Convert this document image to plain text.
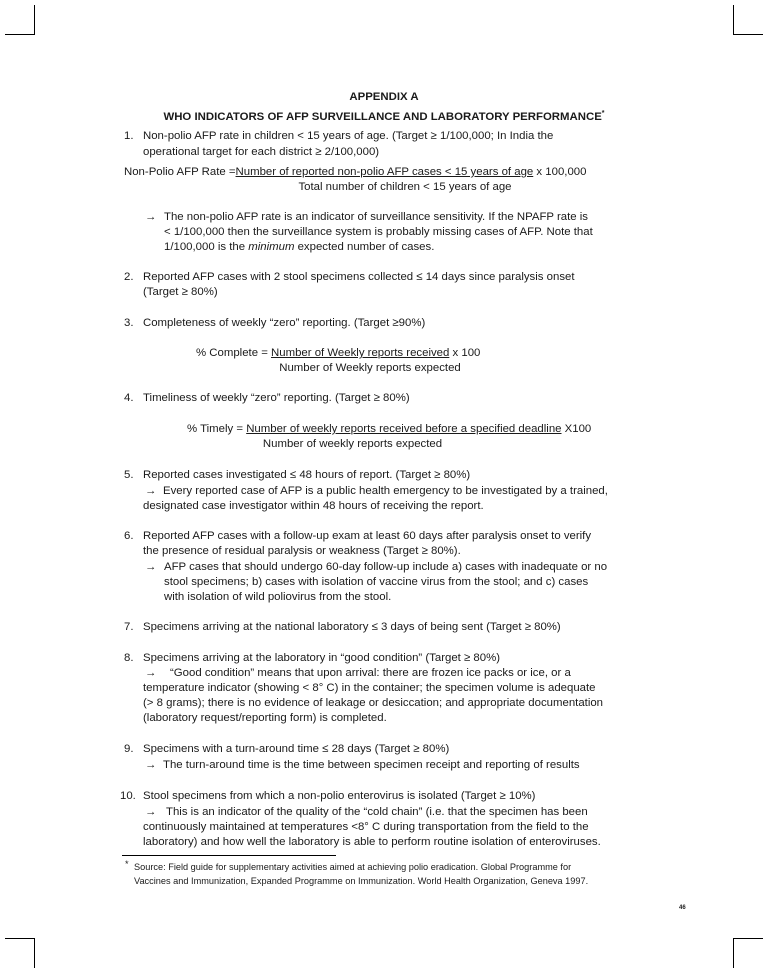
APPENDIX A
WHO INDICATORS OF AFP SURVEILLANCE AND LABORATORY PERFORMANCE*
1. Non-polio AFP rate in children < 15 years of age. (Target ≥ 1/100,000; In India the
operational target for each district ≥ 2/100,000)
Non-Polio AFP Rate =Number of reported non-polio AFP cases < 15 years of age x 100,000
Total number of children < 15 years of age
→ The non-polio AFP rate is an indicator of surveillance sensitivity. If the NPAFP rate is
< 1/100,000 then the surveillance system is probably missing cases of AFP. Note that
1/100,000 is the minimum expected number of cases.
2. Reported AFP cases with 2 stool specimens collected ≤ 14 days since paralysis onset
(Target ≥ 80%)
3. Completeness of weekly “zero” reporting. (Target ≥90%)
% Complete = Number of Weekly reports received x 100
Number of Weekly reports expected
4. Timeliness of weekly “zero” reporting. (Target ≥ 80%)
% Timely = Number of weekly reports received before a specified deadline X100
Number of weekly reports expected
5. Reported cases investigated ≤ 48 hours of report. (Target ≥ 80%)
→ Every reported case of AFP is a public health emergency to be investigated by a trained,
designated case investigator within 48 hours of receiving the report.
6. Reported AFP cases with a follow-up exam at least 60 days after paralysis onset to verify
the presence of residual paralysis or weakness (Target ≥ 80%).
→ AFP cases that should undergo 60-day follow-up include a) cases with inadequate or no
stool specimens; b) cases with isolation of vaccine virus from the stool; and c) cases
with isolation of wild poliovirus from the stool.
7. Specimens arriving at the national laboratory ≤ 3 days of being sent (Target ≥ 80%)
8. Specimens arriving at the laboratory in “good condition” (Target ≥ 80%)
→ “Good condition” means that upon arrival: there are frozen ice packs or ice, or a
temperature indicator (showing < 8° C) in the container; the specimen volume is adequate
(> 8 grams); there is no evidence of leakage or desiccation; and appropriate documentation
(laboratory request/reporting form) is completed.
9. Specimens with a turn-around time ≤ 28 days (Target ≥ 80%)
→ The turn-around time is the time between specimen receipt and reporting of results
10. Stool specimens from which a non-polio enterovirus is isolated (Target ≥ 10%)
→ This is an indicator of the quality of the “cold chain” (i.e. that the specimen has been
continuously maintained at temperatures <8° C during transportation from the field to the
laboratory) and how well the laboratory is able to perform routine isolation of enteroviruses.
* Source: Field guide for supplementary activities aimed at achieving polio eradication. Global Programme for
Vaccines and Immunization, Expanded Programme on Immunization. World Health Organization, Geneva 1997.
46
